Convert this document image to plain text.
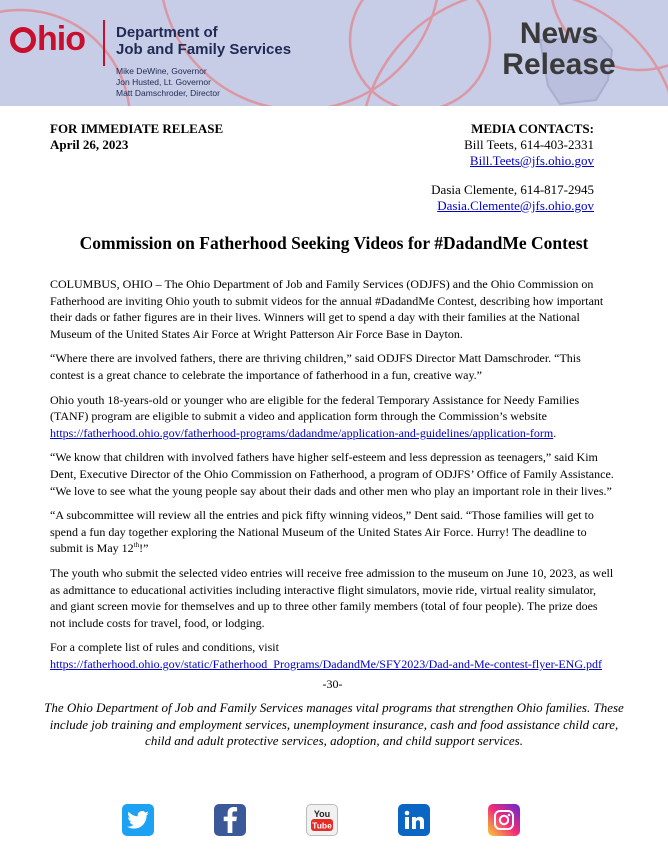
hio Department of
Job and Family Services
Mike DeWine, Governor
Jon Husted, Lt. Governor
Matt Damschroder, Director
News
Release
FOR IMMEDIATE RELEASE
April 26, 2023
MEDIA CONTACTS:
Bill Teets, 614-403-2331
Bill.Teets@jfs.ohio.gov
Dasia Clemente, 614-817-2945
Dasia.Clemente@jfs.ohio.gov
Commission on Fatherhood Seeking Videos for #DadandMe Contest

COLUMBUS, OHIO – The Ohio Department of Job and Family Services (ODJFS) and the Ohio Commission on Fatherhood are inviting Ohio youth to submit videos for the annual #DadandMe Contest, describing how important their dads or father figures are in their lives. Winners will get to spend a day with their families at the National Museum of the United States Air Force at Wright Patterson Air Force Base in Dayton.

“Where there are involved fathers, there are thriving children,” said ODJFS Director Matt Damschroder. “This contest is a great chance to celebrate the importance of fatherhood in a fun, creative way.”

Ohio youth 18-years-old or younger who are eligible for the federal Temporary Assistance for Needy Families (TANF) program are eligible to submit a video and application form through the Commission’s website https://fatherhood.ohio.gov/fatherhood-programs/dadandme/application-and-guidelines/application-form.

“We know that children with involved fathers have higher self-esteem and less depression as teenagers,” said Kim Dent, Executive Director of the Ohio Commission on Fatherhood, a program of ODJFS’ Office of Family Assistance. “We love to see what the young people say about their dads and other men who play an important role in their lives.”

“A subcommittee will review all the entries and pick fifty winning videos,” Dent said. “Those families will get to spend a fun day together exploring the National Museum of the United States Air Force. Hurry! The deadline to submit is May 12th!”

The youth who submit the selected video entries will receive free admission to the museum on June 10, 2023, as well as admittance to educational activities including interactive flight simulators, movie ride, virtual reality simulator, and giant screen movie for themselves and up to three other family members (total of four people). The prize does not include costs for travel, food, or lodging.

For a complete list of rules and conditions, visit
https://fatherhood.ohio.gov/static/Fatherhood_Programs/DadandMe/SFY2023/Dad-and-Me-contest-flyer-ENG.pdf

-30-

The Ohio Department of Job and Family Services manages vital programs that strengthen Ohio families. These include job training and employment services, unemployment insurance, cash and food assistance child care, child and adult protective services, adoption, and child support services.
You
Tube
